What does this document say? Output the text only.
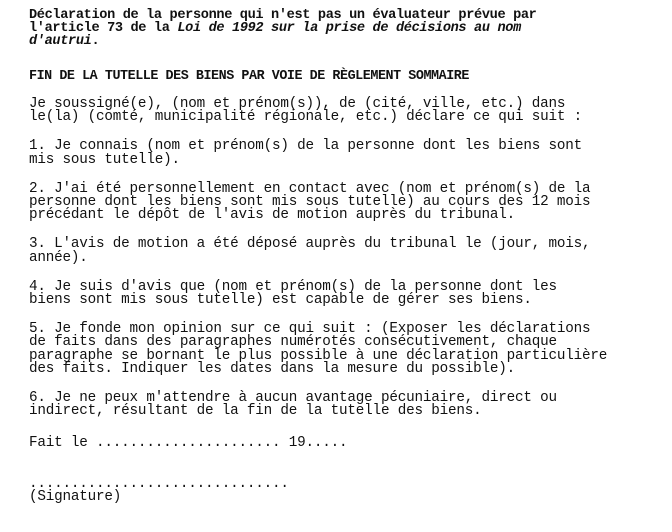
Déclaration de la personne qui n'est pas un évaluateur prévue par
l'article 73 de la Loi de 1992 sur la prise de décisions au nom
d'autrui.

FIN DE LA TUTELLE DES BIENS PAR VOIE DE RÈGLEMENT SOMMAIRE

Je soussigné(e), (nom et prénom(s)), de (cité, ville, etc.) dans
le(la) (comté, municipalité régionale, etc.) déclare ce qui suit :

1. Je connais (nom et prénom(s) de la personne dont les biens sont
mis sous tutelle).

2. J'ai été personnellement en contact avec (nom et prénom(s) de la
personne dont les biens sont mis sous tutelle) au cours des 12 mois
précédant le dépôt de l'avis de motion auprès du tribunal.

3. L'avis de motion a été déposé auprès du tribunal le (jour, mois,
année).

4. Je suis d'avis que (nom et prénom(s) de la personne dont les
biens sont mis sous tutelle) est capable de gérer ses biens.

5. Je fonde mon opinion sur ce qui suit : (Exposer les déclarations
de faits dans des paragraphes numérotés consécutivement, chaque
paragraphe se bornant le plus possible à une déclaration particulière
des faits. Indiquer les dates dans la mesure du possible).

6. Je ne peux m'attendre à aucun avantage pécuniaire, direct ou
indirect, résultant de la fin de la tutelle des biens.

Fait le ...................... 19.....

...............................

(Signature)
